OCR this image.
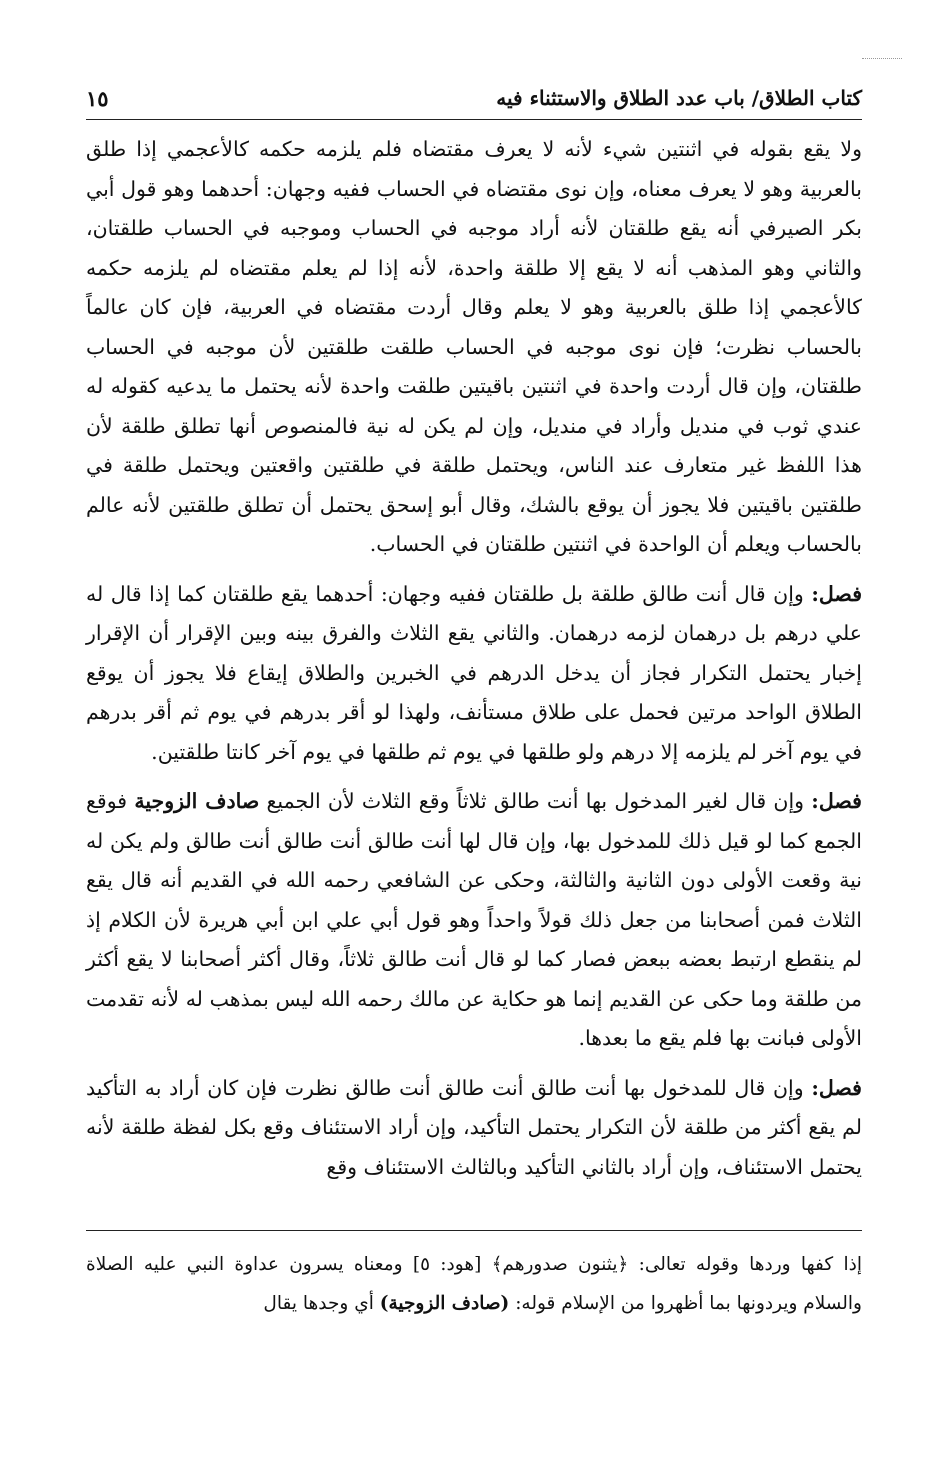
كتاب الطلاق/ باب عدد الطلاق والاستثناء فيه
١٥

ولا يقع بقوله في اثنتين شيء لأنه لا يعرف مقتضاه فلم يلزمه حكمه كالأعجمي إذا طلق بالعربية وهو لا يعرف معناه، وإن نوى مقتضاه في الحساب ففيه وجهان: أحدهما وهو قول أبي بكر الصيرفي أنه يقع طلقتان لأنه أراد موجبه في الحساب وموجبه في الحساب طلقتان، والثاني وهو المذهب أنه لا يقع إلا طلقة واحدة، لأنه إذا لم يعلم مقتضاه لم يلزمه حكمه كالأعجمي إذا طلق بالعربية وهو لا يعلم وقال أردت مقتضاه في العربية، فإن كان عالماً بالحساب نظرت؛ فإن نوى موجبه في الحساب طلقت طلقتين لأن موجبه في الحساب طلقتان، وإن قال أردت واحدة في اثنتين باقيتين طلقت واحدة لأنه يحتمل ما يدعيه كقوله له عندي ثوب في منديل وأراد في منديل، وإن لم يكن له نية فالمنصوص أنها تطلق طلقة لأن هذا اللفظ غير متعارف عند الناس، ويحتمل طلقة في طلقتين واقعتين ويحتمل طلقة في طلقتين باقيتين فلا يجوز أن يوقع بالشك، وقال أبو إسحق يحتمل أن تطلق طلقتين لأنه عالم بالحساب ويعلم أن الواحدة في اثنتين طلقتان في الحساب.

فصل: وإن قال أنت طالق طلقة بل طلقتان ففيه وجهان: أحدهما يقع طلقتان كما إذا قال له علي درهم بل درهمان لزمه درهمان. والثاني يقع الثلاث والفرق بينه وبين الإقرار أن الإقرار إخبار يحتمل التكرار فجاز أن يدخل الدرهم في الخبرين والطلاق إيقاع فلا يجوز أن يوقع الطلاق الواحد مرتين فحمل على طلاق مستأنف، ولهذا لو أقر بدرهم في يوم ثم أقر بدرهم في يوم آخر لم يلزمه إلا درهم ولو طلقها في يوم ثم طلقها في يوم آخر كانتا طلقتين.

فصل: وإن قال لغير المدخول بها أنت طالق ثلاثاً وقع الثلاث لأن الجميع صادف الزوجية فوقع الجمع كما لو قيل ذلك للمدخول بها، وإن قال لها أنت طالق أنت طالق أنت طالق ولم يكن له نية وقعت الأولى دون الثانية والثالثة، وحكى عن الشافعي رحمه الله في القديم أنه قال يقع الثلاث فمن أصحابنا من جعل ذلك قولاً واحداً وهو قول أبي علي ابن أبي هريرة لأن الكلام إذ لم ينقطع ارتبط بعضه ببعض فصار كما لو قال أنت طالق ثلاثاً، وقال أكثر أصحابنا لا يقع أكثر من طلقة وما حكى عن القديم إنما هو حكاية عن مالك رحمه الله ليس بمذهب له لأنه تقدمت الأولى فبانت بها فلم يقع ما بعدها.

فصل: وإن قال للمدخول بها أنت طالق أنت طالق أنت طالق نظرت فإن كان أراد به التأكيد لم يقع أكثر من طلقة لأن التكرار يحتمل التأكيد، وإن أراد الاستئناف وقع بكل لفظة طلقة لأنه يحتمل الاستئناف، وإن أراد بالثاني التأكيد وبالثالث الاستئناف وقع

إذا كفها وردها وقوله تعالى: ﴿يثنون صدورهم﴾ [هود: ٥] ومعناه يسرون عداوة النبي عليه الصلاة والسلام ويردونها بما أظهروا من الإسلام قوله: (صادف الزوجية) أي وجدها يقال
